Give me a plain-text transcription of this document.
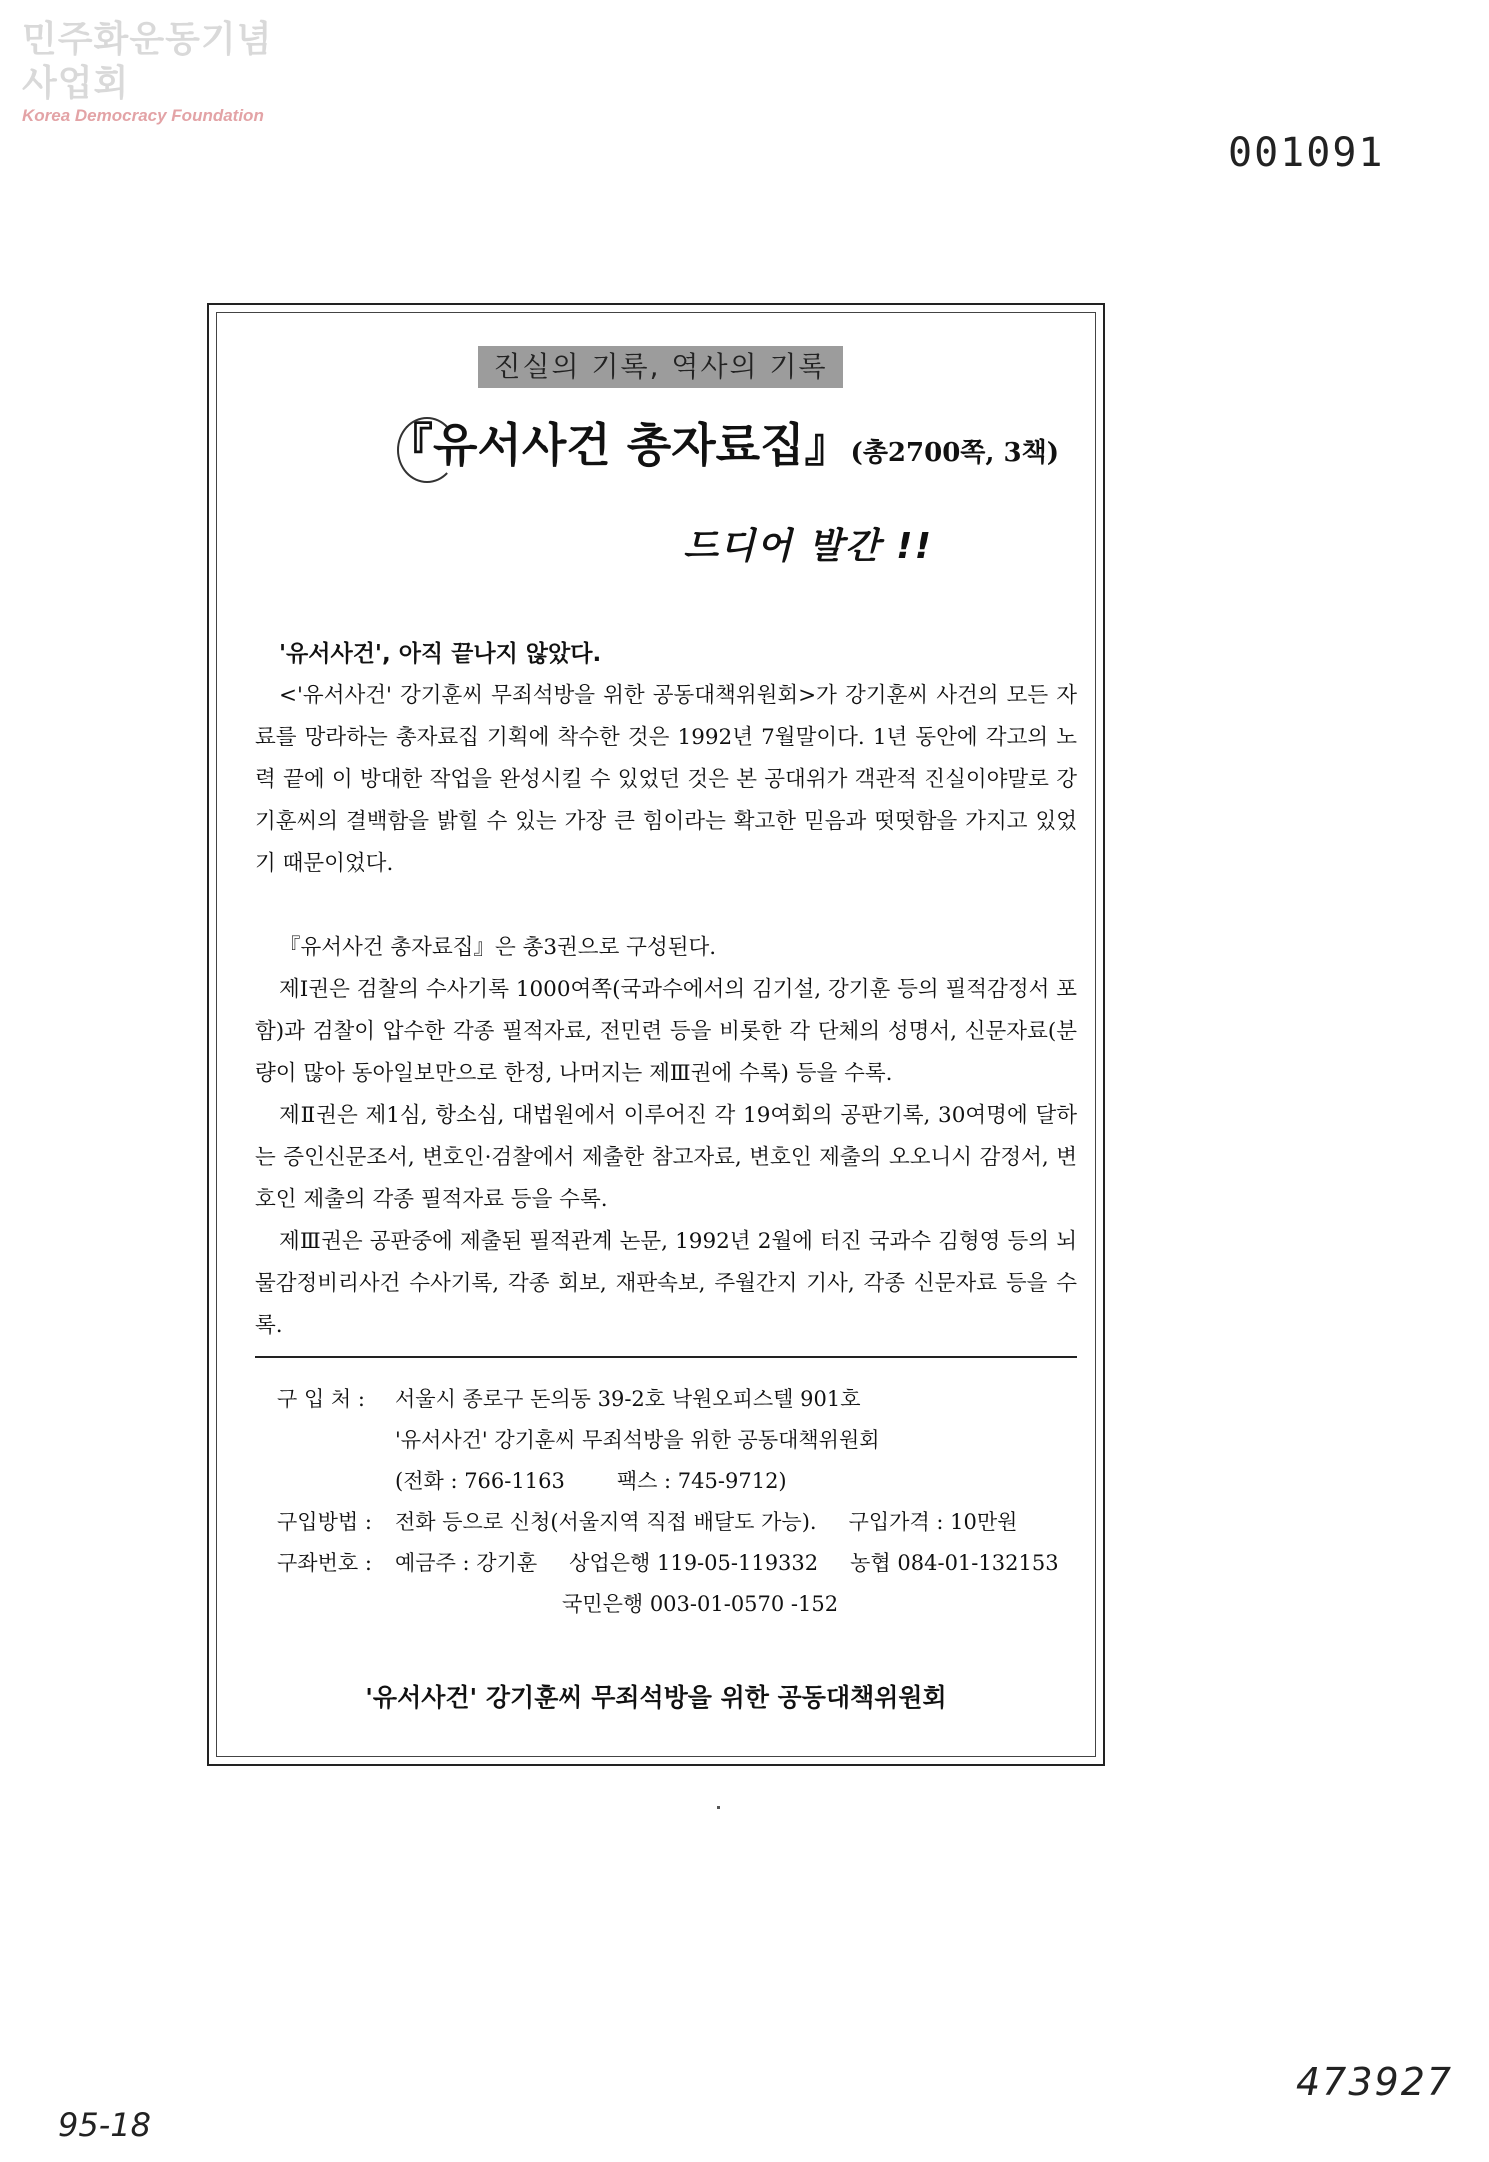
민주화운동기념사업회
Korea Democracy Foundation
001091
진실의 기록, 역사의 기록
『유서사건 총자료집』(총2700쪽, 3책)
드디어 발간 !!

'유서사건', 아직 끝나지 않았다.

<'유서사건' 강기훈씨 무죄석방을 위한 공동대책위원회>가 강기훈씨 사건의 모든 자료를 망라하는 총자료집 기획에 착수한 것은 1992년 7월말이다. 1년 동안에 각고의 노력 끝에 이 방대한 작업을 완성시킬 수 있었던 것은 본 공대위가 객관적 진실이야말로 강기훈씨의 결백함을 밝힐 수 있는 가장 큰 힘이라는 확고한 믿음과 떳떳함을 가지고 있었기 때문이었다.

『유서사건 총자료집』은 총3권으로 구성된다.

제Ⅰ권은 검찰의 수사기록 1000여쪽(국과수에서의 김기설, 강기훈 등의 필적감정서 포함)과 검찰이 압수한 각종 필적자료, 전민련 등을 비롯한 각 단체의 성명서, 신문자료(분량이 많아 동아일보만으로 한정, 나머지는 제Ⅲ권에 수록) 등을 수록.

제Ⅱ권은 제1심, 항소심, 대법원에서 이루어진 각 19여회의 공판기록, 30여명에 달하는 증인신문조서, 변호인·검찰에서 제출한 참고자료, 변호인 제출의 오오니시 감정서, 변호인 제출의 각종 필적자료 등을 수록.

제Ⅲ권은 공판중에 제출된 필적관계 논문, 1992년 2월에 터진 국과수 김형영 등의 뇌물감정비리사건 수사기록, 각종 회보, 재판속보, 주월간지 기사, 각종 신문자료 등을 수록.

구 입 처 :	서울시 종로구 돈의동 39-2호 낙원오피스텔 901호
'유서사건' 강기훈씨 무죄석방을 위한 공동대책위원회
(전화 : 766-1163 팩스 : 745-9712)
구입방법 :	전화 등으로 신청(서울지역 직접 배달도 가능). 구입가격 : 10만원
구좌번호 :	예금주 : 강기훈 상업은행 119-05-119332 농협 084-01-132153
국민은행 003-01-0570 -152
'유서사건' 강기훈씨 무죄석방을 위한 공동대책위원회
95-18
473927
